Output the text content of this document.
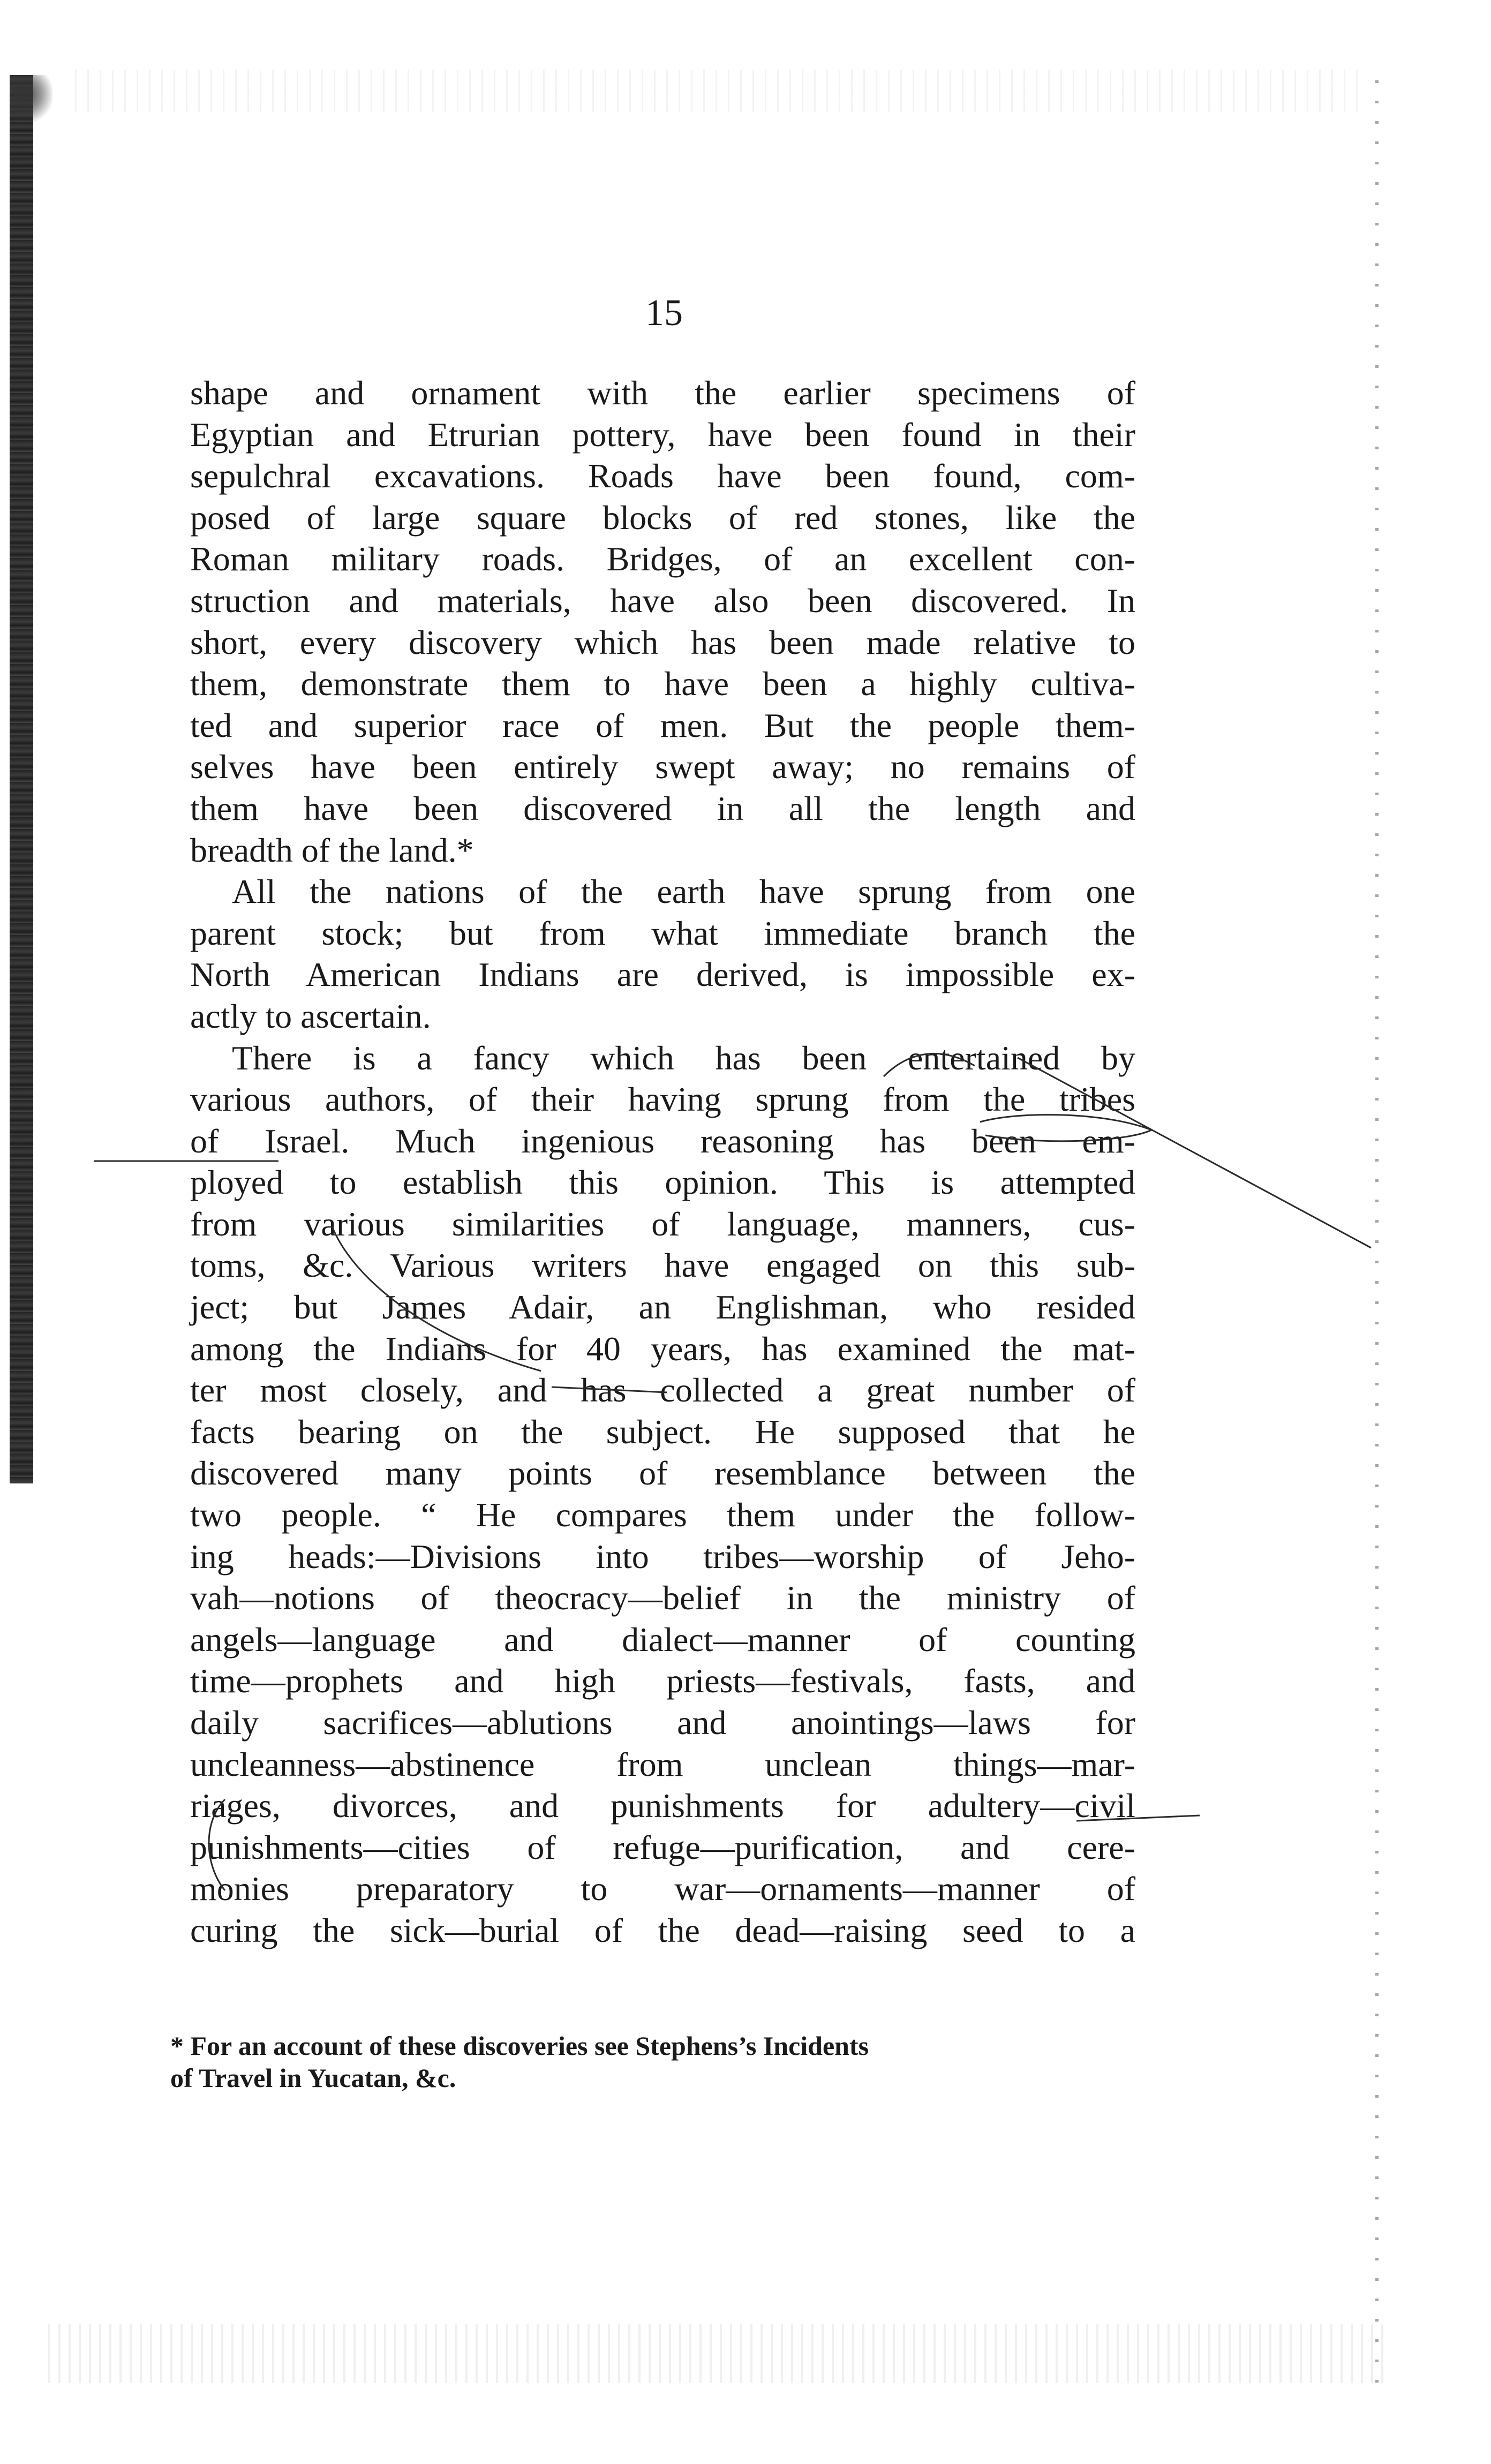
15
shape and ornament with the earlier specimens of
Egyptian and Etrurian pottery, have been found in their
sepulchral excavations. Roads have been found, com-
posed of large square blocks of red stones, like the
Roman military roads. Bridges, of an excellent con-
struction and materials, have also been discovered. In
short, every discovery which has been made relative to
them, demonstrate them to have been a highly cultiva-
ted and superior race of men. But the people them-
selves have been entirely swept away; no remains of
them have been discovered in all the length and
breadth of the land.*
All the nations of the earth have sprung from one
parent stock; but from what immediate branch the
North American Indians are derived, is impossible ex-
actly to ascertain.
There is a fancy which has been entertained by
various authors, of their having sprung from the tribes
of Israel. Much ingenious reasoning has been em-
ployed to establish this opinion. This is attempted
from various similarities of language, manners, cus-
toms, &c. Various writers have engaged on this sub-
ject; but James Adair, an Englishman, who resided
among the Indians for 40 years, has examined the mat-
ter most closely, and has collected a great number of
facts bearing on the subject. He supposed that he
discovered many points of resemblance between the
two people. “ He compares them under the follow-
ing heads:—Divisions into tribes—worship of Jeho-
vah—notions of theocracy—belief in the ministry of
angels—language and dialect—manner of counting
time—prophets and high priests—festivals, fasts, and
daily sacrifices—ablutions and anointings—laws for
uncleanness—abstinence from unclean things—mar-
riages, divorces, and punishments for adultery—civil
punishments—cities of refuge—purification, and cere-
monies preparatory to war—ornaments—manner of
curing the sick—burial of the dead—raising seed to a
* For an account of these discoveries see Stephens’s Incidents
of Travel in Yucatan, &c.
